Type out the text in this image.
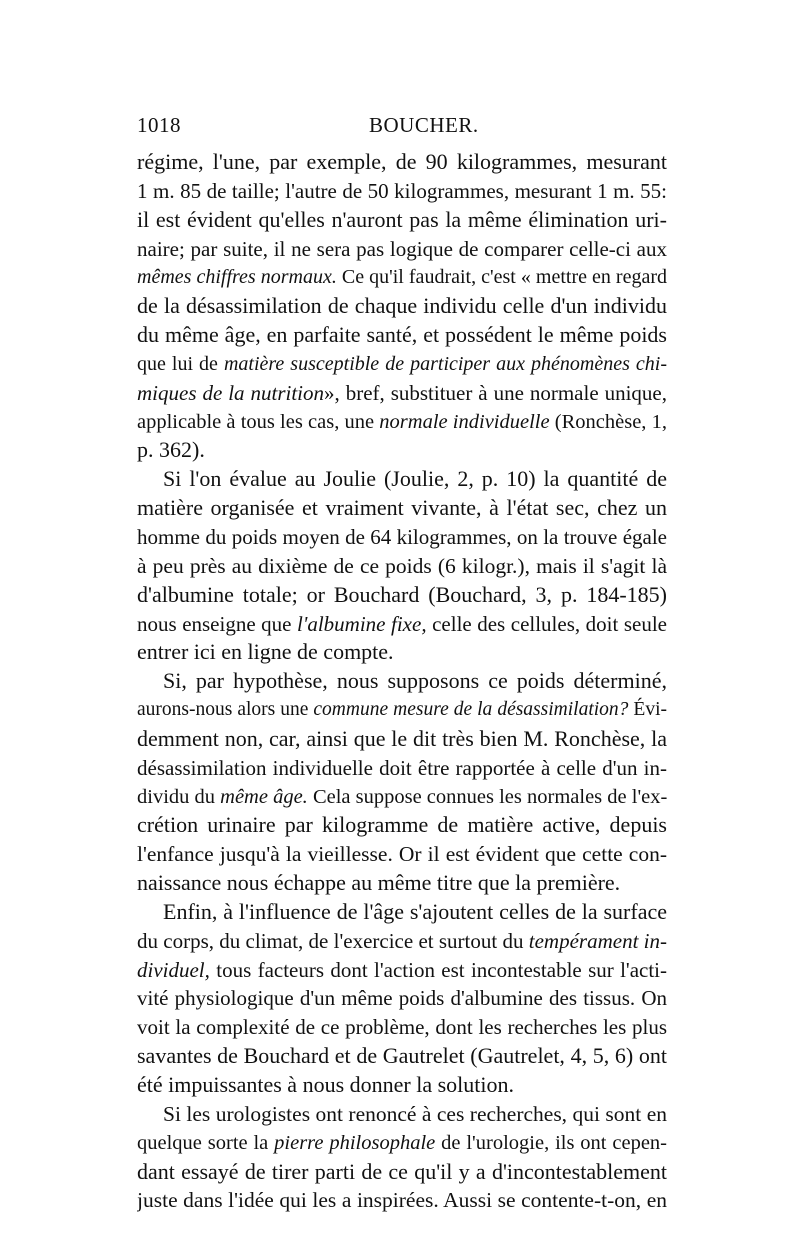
1018	BOUCHER.
régime, l'une, par exemple, de 90 kilogrammes, mesurant
1 m. 85 de taille; l'autre de 50 kilogrammes, mesurant 1 m. 55:
il est évident qu'elles n'auront pas la même élimination uri-
naire; par suite, il ne sera pas logique de comparer celle-ci aux
mêmes chiffres normaux. Ce qu'il faudrait, c'est « mettre en regard
de la désassimilation de chaque individu celle d'un individu
du même âge, en parfaite santé, et possédent le même poids
que lui de matière susceptible de participer aux phénomènes chi-
miques de la nutrition», bref, substituer à une normale unique,
applicable à tous les cas, une normale individuelle (Ronchèse, 1,
p. 362).
Si l'on évalue au Joulie (Joulie, 2, p. 10) la quantité de
matière organisée et vraiment vivante, à l'état sec, chez un
homme du poids moyen de 64 kilogrammes, on la trouve égale
à peu près au dixième de ce poids (6 kilogr.), mais il s'agit là
d'albumine totale; or Bouchard (Bouchard, 3, p. 184-185)
nous enseigne que l'albumine fixe, celle des cellules, doit seule
entrer ici en ligne de compte.
Si, par hypothèse, nous supposons ce poids déterminé,
aurons-nous alors une commune mesure de la désassimilation? Évi-
demment non, car, ainsi que le dit très bien M. Ronchèse, la
désassimilation individuelle doit être rapportée à celle d'un in-
dividu du même âge. Cela suppose connues les normales de l'ex-
crétion urinaire par kilogramme de matière active, depuis
l'enfance jusqu'à la vieillesse. Or il est évident que cette con-
naissance nous échappe au même titre que la première.
Enfin, à l'influence de l'âge s'ajoutent celles de la surface
du corps, du climat, de l'exercice et surtout du tempérament in-
dividuel, tous facteurs dont l'action est incontestable sur l'acti-
vité physiologique d'un même poids d'albumine des tissus. On
voit la complexité de ce problème, dont les recherches les plus
savantes de Bouchard et de Gautrelet (Gautrelet, 4, 5, 6) ont
été impuissantes à nous donner la solution.
Si les urologistes ont renoncé à ces recherches, qui sont en
quelque sorte la pierre philosophale de l'urologie, ils ont cepen-
dant essayé de tirer parti de ce qu'il y a d'incontestablement
juste dans l'idée qui les a inspirées. Aussi se contente-t-on, en
